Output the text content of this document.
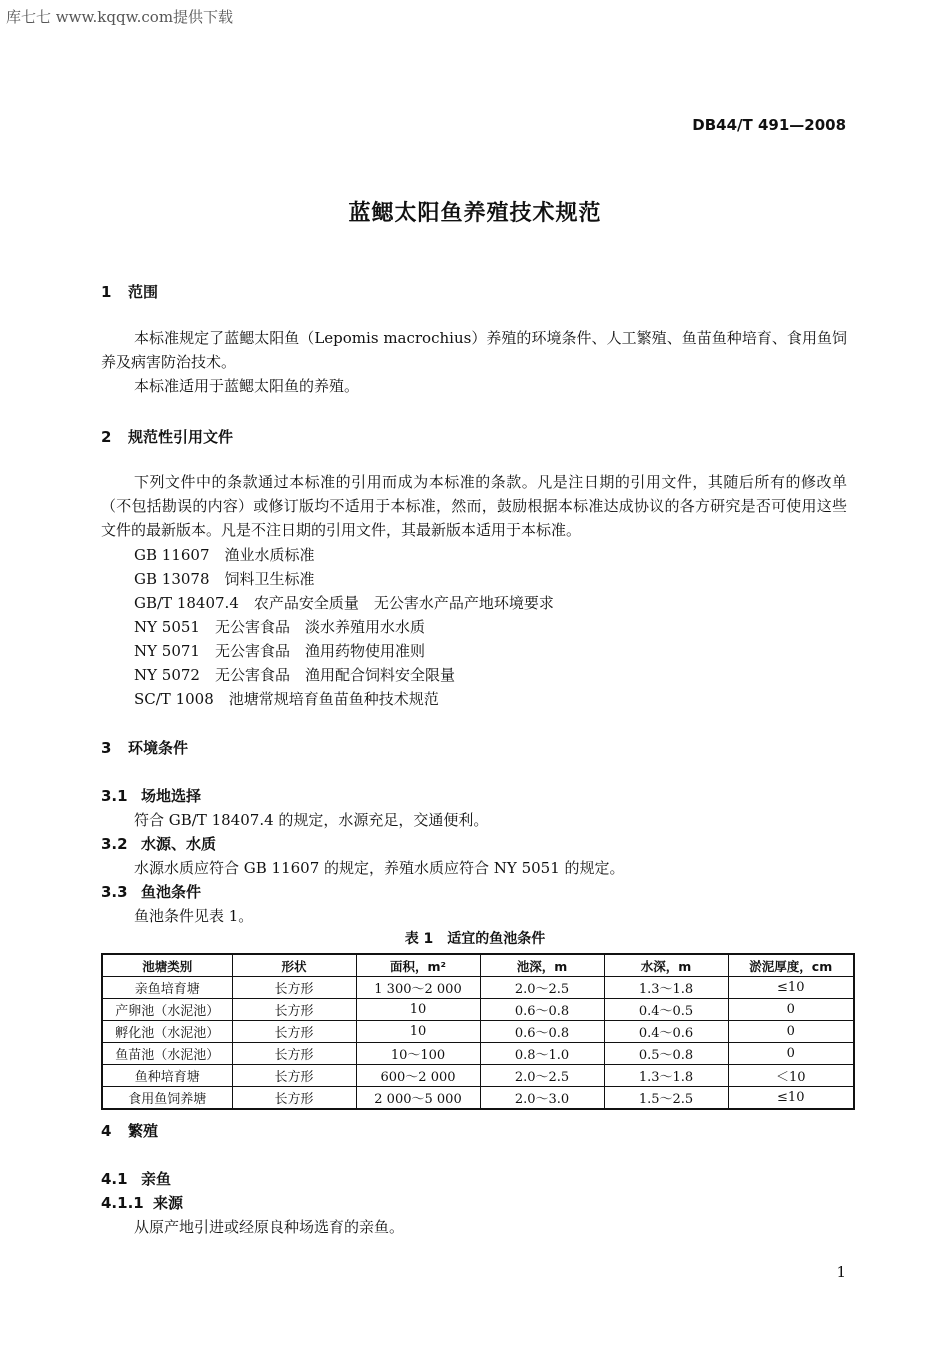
库七七 www.kqqw.com提供下载
DB44/T 491—2008
蓝鳃太阳鱼养殖技术规范
1 范围

本标准规定了蓝鳃太阳鱼（Lepomis macrochius）养殖的环境条件、人工繁殖、鱼苗鱼种培育、食用鱼饲养及病害防治技术。

本标准适用于蓝鳃太阳鱼的养殖。

2 规范性引用文件

下列文件中的条款通过本标准的引用而成为本标准的条款。凡是注日期的引用文件，其随后所有的修改单（不包括勘误的内容）或修订版均不适用于本标准，然而，鼓励根据本标准达成协议的各方研究是否可使用这些文件的最新版本。凡是不注日期的引用文件，其最新版本适用于本标准。

GB 11607　 渔业水质标准
GB 13078　 饲料卫生标准
GB/T 18407.4　 农产品安全质量　无公害水产品产地环境要求
NY 5051　 无公害食品　淡水养殖用水水质
NY 5071　 无公害食品　渔用药物使用准则
NY 5072　 无公害食品　渔用配合饲料安全限量
SC/T 1008　 池塘常规培育鱼苗鱼种技术规范
3 环境条件
3.1 场地选择
符合 GB/T 18407.4 的规定，水源充足，交通便利。
3.2 水源、水质
水源水质应符合 GB 11607 的规定，养殖水质应符合 NY 5051 的规定。
3.3 鱼池条件
鱼池条件见表 1。
表 1　适宜的鱼池条件
池塘类别	形状	面积，m²	池深，m	水深，m	淤泥厚度，cm
亲鱼培育塘	长方形	1 300～2 000	2.0～2.5	1.3～1.8	≤10
产卵池（水泥池）	长方形	10	0.6～0.8	0.4～0.5	0
孵化池（水泥池）	长方形	10	0.6～0.8	0.4～0.6	0
鱼苗池（水泥池）	长方形	10～100	0.8～1.0	0.5～0.8	0
鱼种培育塘	长方形	600～2 000	2.0～2.5	1.3～1.8	＜10
食用鱼饲养塘	长方形	2 000～5 000	2.0～3.0	1.5～2.5	≤10
4 繁殖
4.1 亲鱼
4.1.1 来源
从原产地引进或经原良种场选育的亲鱼。
1
